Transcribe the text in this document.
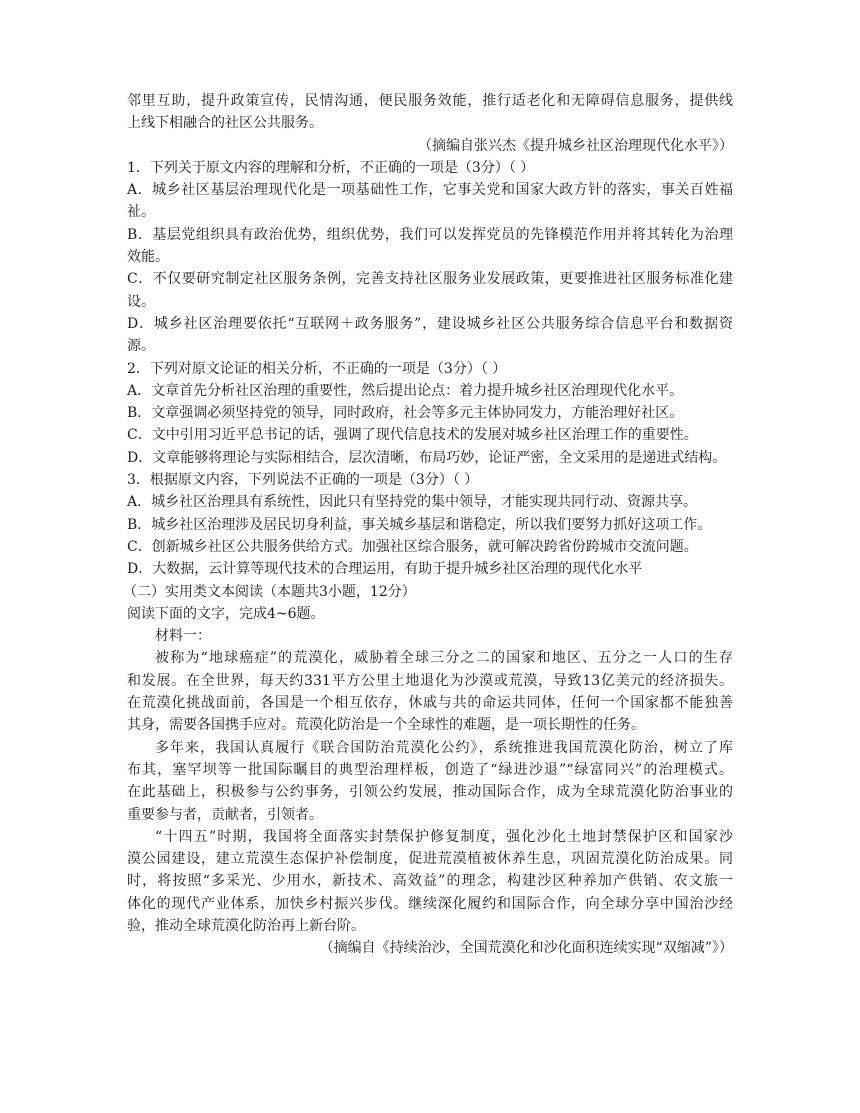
邻里互助，提升政策宣传，民情沟通，便民服务效能，推行适老化和无障碍信息服务，提供线
上线下相融合的社区公共服务。
（摘编自张兴杰《提升城乡社区治理现代化水平》）
1．下列关于原文内容的理解和分析，不正确的一项是（3分）（ ）
A．城乡社区基层治理现代化是一项基础性工作，它事关党和国家大政方针的落实，事关百姓福
祉。
B．基层党组织具有政治优势，组织优势，我们可以发挥党员的先锋模范作用并将其转化为治理
效能。
C．不仅要研究制定社区服务条例，完善支持社区服务业发展政策，更要推进社区服务标准化建
设。
D．城乡社区治理要依托“互联网＋政务服务”，建设城乡社区公共服务综合信息平台和数据资
源。
2．下列对原文论证的相关分析，不正确的一项是（3分）（ ）
A．文章首先分析社区治理的重要性，然后提出论点：着力提升城乡社区治理现代化水平。
B．文章强调必须坚持党的领导，同时政府，社会等多元主体协同发力，方能治理好社区。
C．文中引用习近平总书记的话，强调了现代信息技术的发展对城乡社区治理工作的重要性。
D．文章能够将理论与实际相结合，层次清晰，布局巧妙，论证严密，全文采用的是递进式结构。
3．根据原文内容，下列说法不正确的一项是（3分）（ ）
A．城乡社区治理具有系统性，因此只有坚持党的集中领导，才能实现共同行动、资源共享。
B．城乡社区治理涉及居民切身利益，事关城乡基层和谐稳定，所以我们要努力抓好这项工作。
C．创新城乡社区公共服务供给方式。加强社区综合服务，就可解决跨省份跨城市交流问题。
D．大数据，云计算等现代技术的合理运用，有助于提升城乡社区治理的现代化水平
（二）实用类文本阅读（本题共3小题，12分）
阅读下面的文字，完成4~6题。
材料一：
被称为“地球癌症”的荒漠化，威胁着全球三分之二的国家和地区、五分之一人口的生存
和发展。在全世界，每天约331平方公里土地退化为沙漠或荒漠，导致13亿美元的经济损失。
在荒漠化挑战面前，各国是一个相互依存，休戚与共的命运共同体，任何一个国家都不能独善
其身，需要各国携手应对。荒漠化防治是一个全球性的难题，是一项长期性的任务。
多年来，我国认真履行《联合国防治荒漠化公约》，系统推进我国荒漠化防治，树立了库
布其，塞罕坝等一批国际瞩目的典型治理样板，创造了“绿进沙退”“绿富同兴”的治理模式。
在此基础上，积极参与公约事务，引领公约发展，推动国际合作，成为全球荒漠化防治事业的
重要参与者，贡献者，引领者。
“十四五”时期，我国将全面落实封禁保护修复制度，强化沙化土地封禁保护区和国家沙
漠公园建设，建立荒漠生态保护补偿制度，促进荒漠植被休养生息，巩固荒漠化防治成果。同
时，将按照“多采光、少用水，新技术、高效益”的理念，构建沙区种养加产供销、农文旅一
体化的现代产业体系，加快乡村振兴步伐。继续深化履约和国际合作，向全球分享中国治沙经
验，推动全球荒漠化防治再上新台阶。
（摘编自《持续治沙，全国荒漠化和沙化面积连续实现“双缩减”》）
